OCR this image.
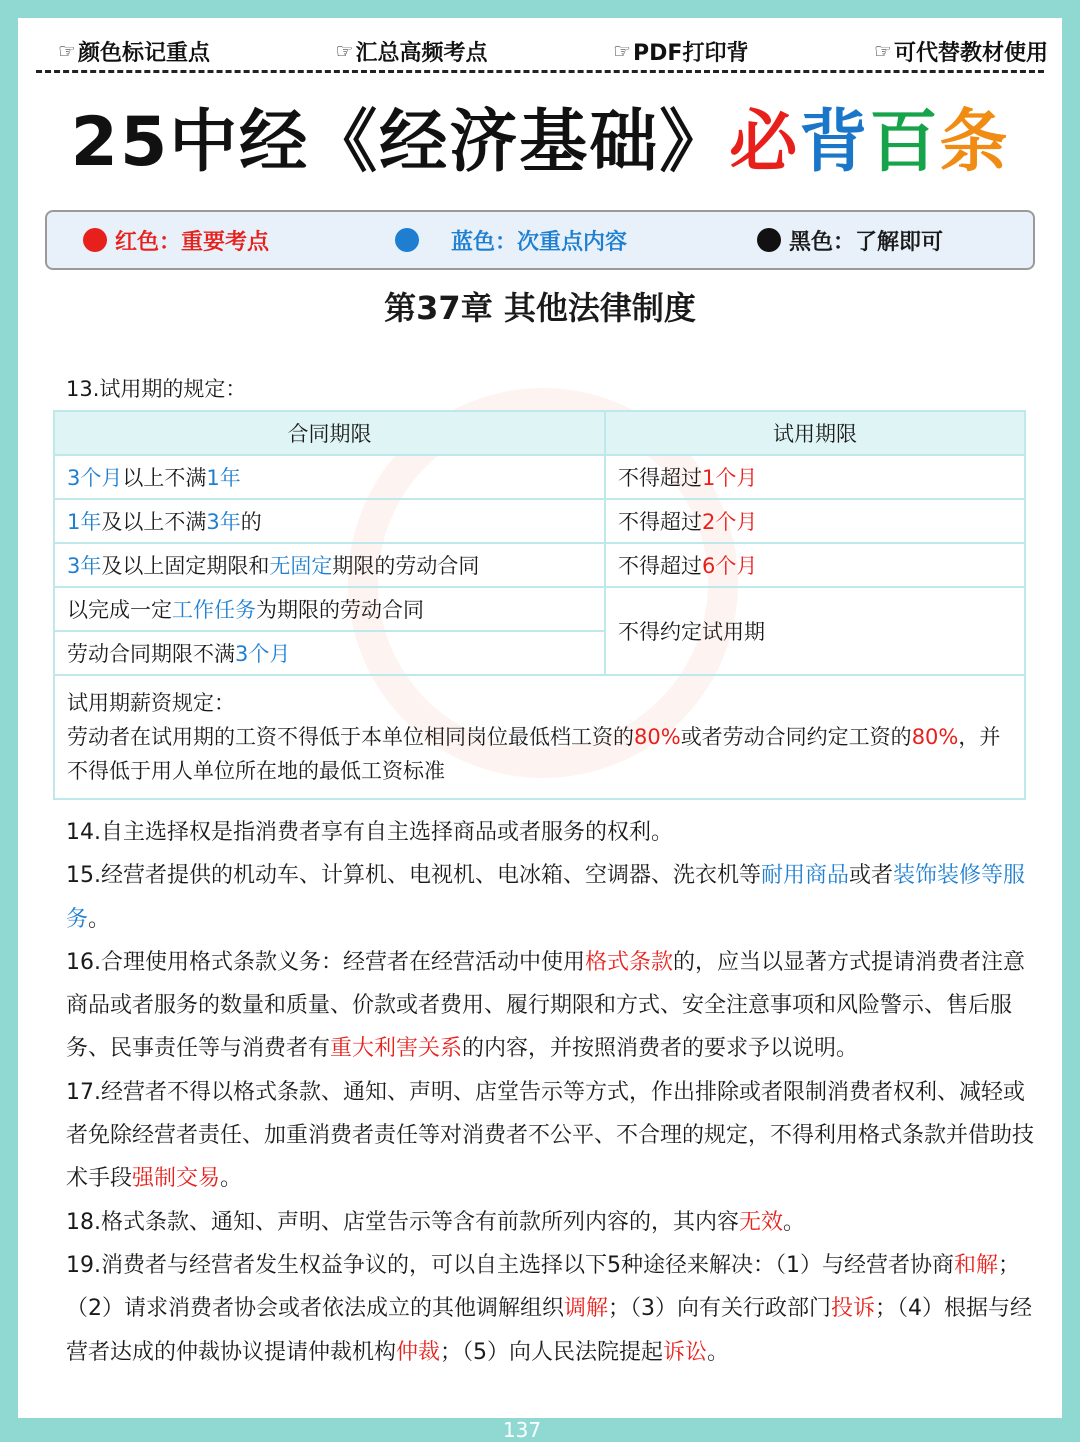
☞ 颜色标记重点	☞ 汇总高频考点	☞ PDF打印背	☞ 可代替教材使用
25中经《经济基础》必背百条
红色：重要考点	蓝色：次重点内容	黑色：了解即可
第37章 其他法律制度
13.试用期的规定：
合同期限	试用期限
3个月以上不满1年	不得超过1个月
1年及以上不满3年的	不得超过2个月
3年及以上固定期限和无固定期限的劳动合同	不得超过6个月
以完成一定工作任务为期限的劳动合同	不得约定试用期
劳动合同期限不满3个月	

试用期薪资规定：
劳动者在试用期的工资不得低于本单位相同岗位最低档工资的80%或者劳动合同约定工资的80%，并不得低于用人单位所在地的最低工资标准	

14.自主选择权是指消费者享有自主选择商品或者服务的权利。

15.经营者提供的机动车、计算机、电视机、电冰箱、空调器、洗衣机等耐用商品或者装饰装修等服务。

16.合理使用格式条款义务：经营者在经营活动中使用格式条款的，应当以显著方式提请消费者注意商品或者服务的数量和质量、价款或者费用、履行期限和方式、安全注意事项和风险警示、售后服务、民事责任等与消费者有重大利害关系的内容，并按照消费者的要求予以说明。

17.经营者不得以格式条款、通知、声明、店堂告示等方式，作出排除或者限制消费者权利、减轻或者免除经营者责任、加重消费者责任等对消费者不公平、不合理的规定，不得利用格式条款并借助技术手段强制交易。

18.格式条款、通知、声明、店堂告示等含有前款所列内容的，其内容无效。

19.消费者与经营者发生权益争议的，可以自主选择以下5种途径来解决：（1）与经营者协商和解；（2）请求消费者协会或者依法成立的其他调解组织调解；（3）向有关行政部门投诉；（4）根据与经营者达成的仲裁协议提请仲裁机构仲裁；（5）向人民法院提起诉讼。

137
